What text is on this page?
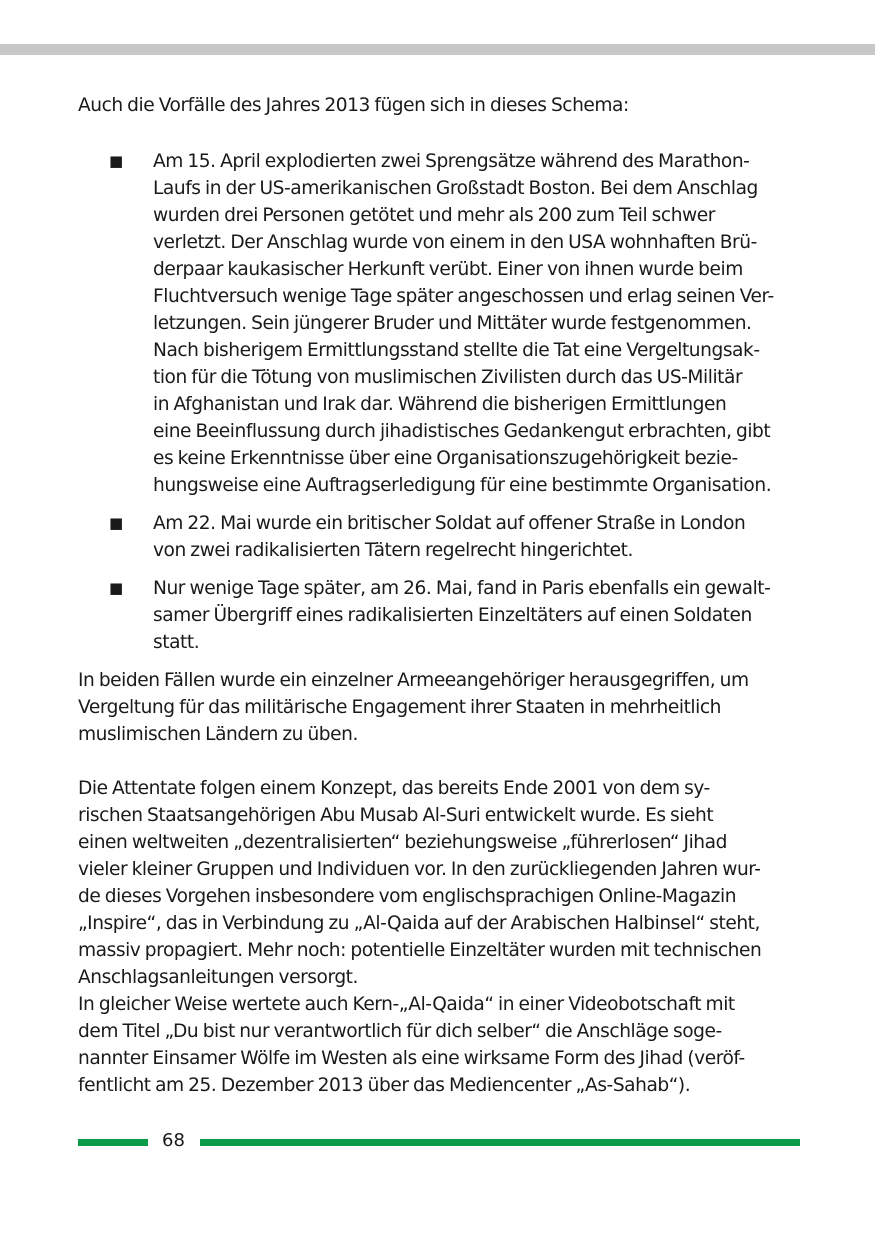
Auch die Vorfälle des Jahres 2013 fügen sich in dieses Schema:

■ Am 15. April explodierten zwei Sprengsätze während des Marathon-
Laufs in der US-amerikanischen Großstadt Boston. Bei dem Anschlag
wurden drei Personen getötet und mehr als 200 zum Teil schwer
verletzt. Der Anschlag wurde von einem in den USA wohnhaften Brü-
derpaar kaukasischer Herkunft verübt. Einer von ihnen wurde beim
Fluchtversuch wenige Tage später angeschossen und erlag seinen Ver-
letzungen. Sein jüngerer Bruder und Mittäter wurde festgenommen.
Nach bisherigem Ermittlungsstand stellte die Tat eine Vergeltungsak-
tion für die Tötung von muslimischen Zivilisten durch das US-Militär
in Afghanistan und Irak dar. Während die bisherigen Ermittlungen
eine Beeinflussung durch jihadistisches Gedankengut erbrachten, gibt
es keine Erkenntnisse über eine Organisationszugehörigkeit bezie-
hungsweise eine Auftragserledigung für eine bestimmte Organisation.
■ Am 22. Mai wurde ein britischer Soldat auf offener Straße in London
von zwei radikalisierten Tätern regelrecht hingerichtet.
■ Nur wenige Tage später, am 26. Mai, fand in Paris ebenfalls ein gewalt-
samer Übergriff eines radikalisierten Einzeltäters auf einen Soldaten
statt.

In beiden Fällen wurde ein einzelner Armeeangehöriger herausgegriffen, um
Vergeltung für das militärische Engagement ihrer Staaten in mehrheitlich
muslimischen Ländern zu üben.

Die Attentate folgen einem Konzept, das bereits Ende 2001 von dem sy-
rischen Staatsangehörigen Abu Musab Al-Suri entwickelt wurde. Es sieht
einen weltweiten „dezentralisierten“ beziehungsweise „führerlosen“ Jihad
vieler kleiner Gruppen und Individuen vor. In den zurückliegenden Jahren wur-
de dieses Vorgehen insbesondere vom englischsprachigen Online-Magazin
„Inspire“, das in Verbindung zu „Al-Qaida auf der Arabischen Halbinsel“ steht,
massiv propagiert. Mehr noch: potentielle Einzeltäter wurden mit technischen
Anschlagsanleitungen versorgt.

In gleicher Weise wertete auch Kern-„Al-Qaida“ in einer Videobotschaft mit
dem Titel „Du bist nur verantwortlich für dich selber“ die Anschläge soge-
nannter Einsamer Wölfe im Westen als eine wirksame Form des Jihad (veröf-
fentlicht am 25. Dezember 2013 über das Mediencenter „As-Sahab“).

68
